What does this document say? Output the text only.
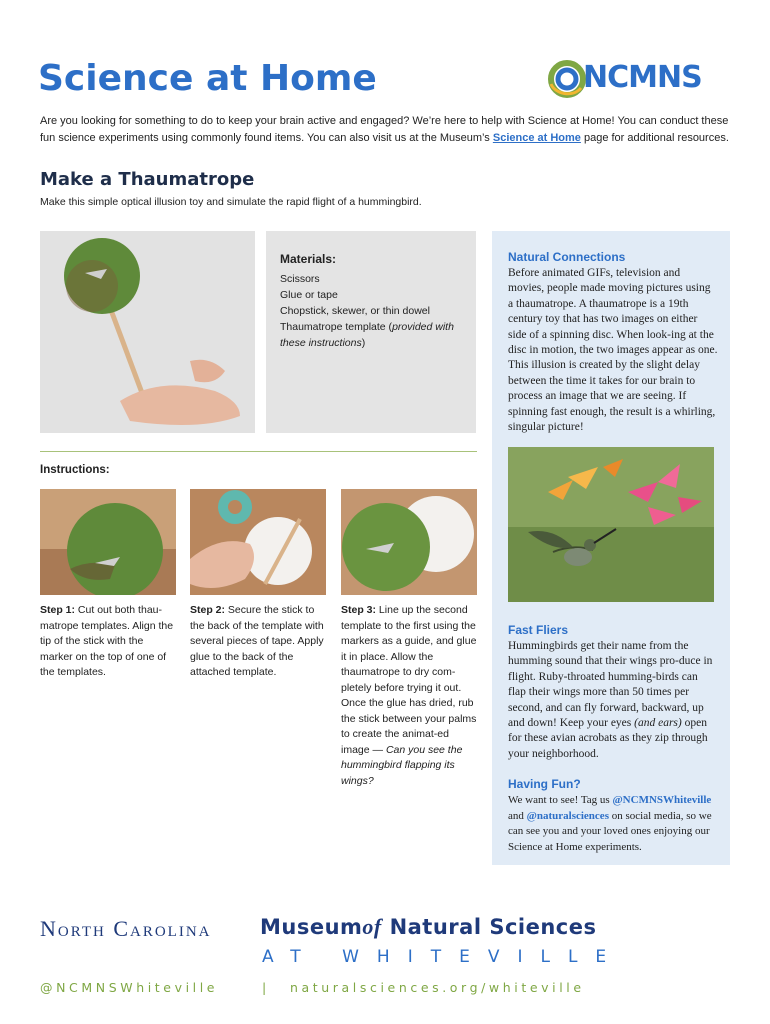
Science at Home	NCMNS
Are you looking for something to do to keep your brain active and engaged? We’re here to help with Science at Home! You can conduct these fun science experiments using commonly found items. You can also visit us at the Museum’s Science at Home page for additional resources.
Make a Thaumatrope
Make this simple optical illusion toy and simulate the rapid flight of a hummingbird.
Materials:
Scissors
Glue or tape
Chopstick, skewer, or thin dowel
Thaumatrope template (provided with these instructions)
Instructions:
Step 1: Cut out both thau-matrope templates. Align the tip of the stick with the marker on the top of one of the templates.
Step 2: Secure the stick to the back of the template with several pieces of tape. Apply glue to the back of the attached template.
Step 3: Line up the second template to the first using the markers as a guide, and glue it in place. Allow the thaumatrope to dry com-pletely before trying it out. Once the glue has dried, rub the stick between your palms to create the animat-ed image — Can you see the hummingbird flapping its wings?
Natural Connections
Before animated GIFs, television and movies, people made moving pictures using a thaumatrope. A thaumatrope is a 19th century toy that has two images on either side of a spinning disc. When look-ing at the disc in motion, the two images appear as one. This illusion is created by the slight delay between the time it takes for our brain to process an image that we are seeing. If spinning fast enough, the result is a whirling, singular picture!
Fast Fliers
Hummingbirds get their name from the humming sound that their wings pro-duce in flight. Ruby-throated humming-birds can flap their wings more than 50 times per second, and can fly forward, backward, up and down! Keep your eyes (and ears) open for these avian acrobats as they zip through your neighborhood.
Having Fun?
We want to see! Tag us @NCMNSWhiteville and @naturalsciences on social media, so we can see you and your loved ones enjoying our Science at Home experiments.
North Carolina Museumof Natural Sciences
AT WHITEVILLE
@NCMNSWhiteville	| naturalsciences.org/whiteville
